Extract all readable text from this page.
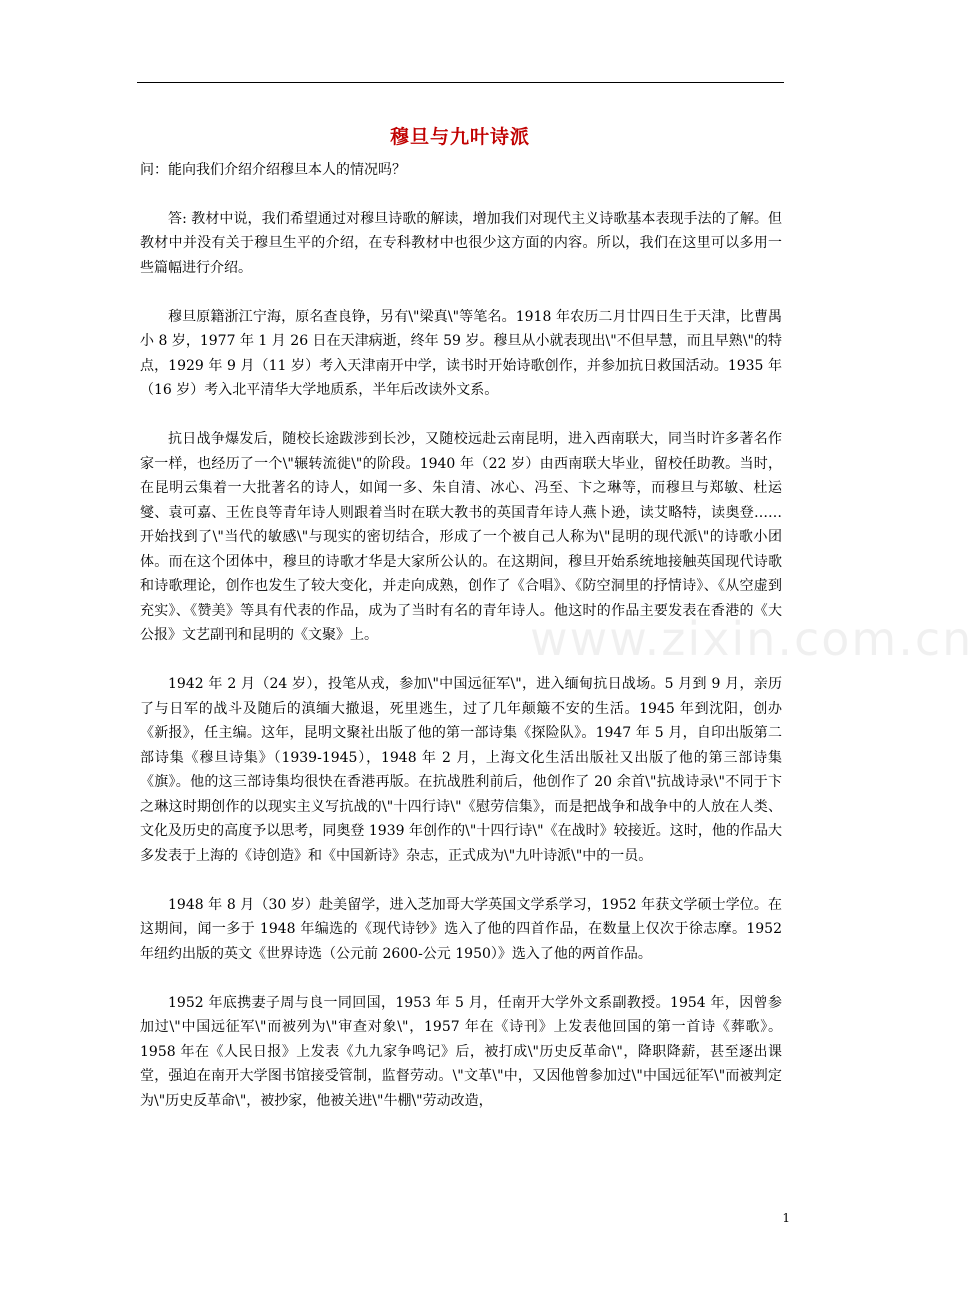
穆旦与九叶诗派
www.zixin.com.cn

问：能向我们介绍介绍穆旦本人的情况吗？

答: 教材中说，我们希望通过对穆旦诗歌的解读，增加我们对现代主义诗歌基本表现手法的了解。但教材中并没有关于穆旦生平的介绍，在专科教材中也很少这方面的内容。所以，我们在这里可以多用一些篇幅进行介绍。

穆旦原籍浙江宁海，原名查良铮，另有\"梁真\"等笔名。1918 年农历二月廿四日生于天津，比曹禺小 8 岁，1977 年 1 月 26 日在天津病逝，终年 59 岁。穆旦从小就表现出\"不但早慧，而且早熟\"的特点，1929 年 9 月（11 岁）考入天津南开中学，读书时开始诗歌创作，并参加抗日救国活动。1935 年（16 岁）考入北平清华大学地质系，半年后改读外文系。

抗日战争爆发后，随校长途跋涉到长沙，又随校远赴云南昆明，进入西南联大，同当时许多著名作家一样，也经历了一个\"辗转流徙\"的阶段。1940 年（22 岁）由西南联大毕业，留校任助教。当时，在昆明云集着一大批著名的诗人，如闻一多、朱自清、冰心、冯至、卞之琳等，而穆旦与郑敏、杜运燮、袁可嘉、王佐良等青年诗人则跟着当时在联大教书的英国青年诗人燕卜逊，读艾略特，读奥登……开始找到了\"当代的敏感\"与现实的密切结合，形成了一个被自己人称为\"昆明的现代派\"的诗歌小团体。而在这个团体中，穆旦的诗歌才华是大家所公认的。在这期间，穆旦开始系统地接触英国现代诗歌和诗歌理论，创作也发生了较大变化，并走向成熟，创作了《合唱》、《防空洞里的抒情诗》、《从空虚到充实》、《赞美》等具有代表的作品，成为了当时有名的青年诗人。他这时的作品主要发表在香港的《大公报》文艺副刊和昆明的《文聚》上。

1942 年 2 月（24 岁），投笔从戎，参加\"中国远征军\"，进入缅甸抗日战场。5 月到 9 月，亲历了与日军的战斗及随后的滇缅大撤退，死里逃生，过了几年颠簸不安的生活。1945 年到沈阳，创办《新报》，任主编。这年，昆明文聚社出版了他的第一部诗集《探险队》。1947 年 5 月，自印出版第二部诗集《穆旦诗集》（1939-1945），1948 年 2 月，上海文化生活出版社又出版了他的第三部诗集《旗》。他的这三部诗集均很快在香港再版。在抗战胜利前后，他创作了 20 余首\"抗战诗录\"不同于卞之琳这时期创作的以现实主义写抗战的\"十四行诗\"《慰劳信集》，而是把战争和战争中的人放在人类、文化及历史的高度予以思考，同奥登 1939 年创作的\"十四行诗\"《在战时》较接近。这时，他的作品大多发表于上海的《诗创造》和《中国新诗》杂志，正式成为\"九叶诗派\"中的一员。

1948 年 8 月（30 岁）赴美留学，进入芝加哥大学英国文学系学习，1952 年获文学硕士学位。在这期间，闻一多于 1948 年编选的《现代诗钞》选入了他的四首作品，在数量上仅次于徐志摩。1952 年纽约出版的英文《世界诗选（公元前 2600-公元 1950）》选入了他的两首作品。

1952 年底携妻子周与良一同回国，1953 年 5 月，任南开大学外文系副教授。1954 年，因曾参加过\"中国远征军\"而被列为\"审查对象\"，1957 年在《诗刊》上发表他回国的第一首诗《葬歌》。1958 年在《人民日报》上发表《九九家争鸣记》后，被打成\"历史反革命\"，降职降薪，甚至逐出课堂，强迫在南开大学图书馆接受管制，监督劳动。\"文革\"中，又因他曾参加过\"中国远征军\"而被判定为\"历史反革命\"，被抄家，他被关进\"牛棚\"劳动改造，

1
